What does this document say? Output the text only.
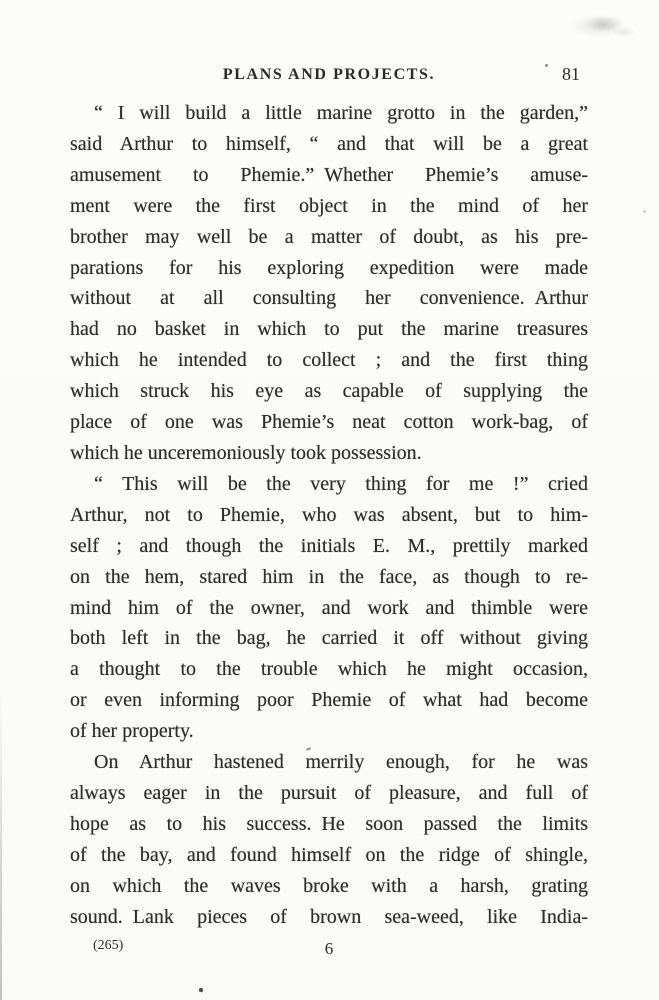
PLANS AND PROJECTS.	81
“ I will build a little marine grotto in the garden,”
said Arthur to himself, “ and that will be a great
amusement to Phemie.” Whether Phemie’s amuse-
ment were the first object in the mind of her
brother may well be a matter of doubt, as his pre-
parations for his exploring expedition were made
without at all consulting her convenience. Arthur
had no basket in which to put the marine treasures
which he intended to collect ; and the first thing
which struck his eye as capable of supplying the
place of one was Phemie’s neat cotton work-bag, of
which he unceremoniously took possession.
“ This will be the very thing for me !” cried
Arthur, not to Phemie, who was absent, but to him-
self ; and though the initials E. M., prettily marked
on the hem, stared him in the face, as though to re-
mind him of the owner, and work and thimble were
both left in the bag, he carried it off without giving
a thought to the trouble which he might occasion,
or even informing poor Phemie of what had become
of her property.
On Arthur hastened merrily enough, for he was
always eager in the pursuit of pleasure, and full of
hope as to his success. He soon passed the limits
of the bay, and found himself on the ridge of shingle,
on which the waves broke with a harsh, grating
sound. Lank pieces of brown sea-weed, like India-
(265)	6
